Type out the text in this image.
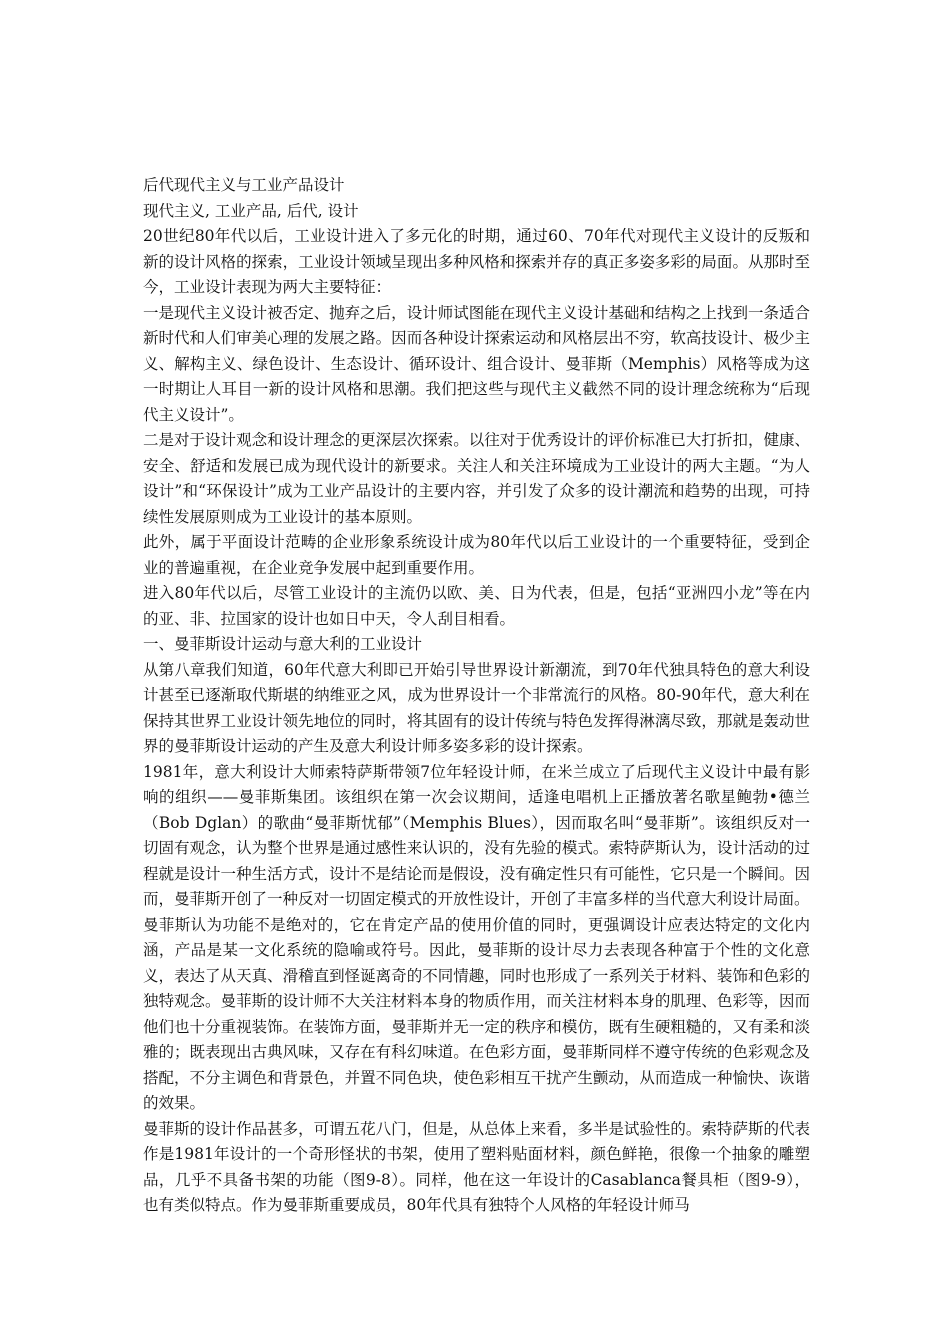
后代现代主义与工业产品设计

现代主义, 工业产品, 后代, 设计

20世纪80年代以后，工业设计进入了多元化的时期，通过60、70年代对现代主义设计的反叛和新的设计风格的探索，工业设计领域呈现出多种风格和探索并存的真正多姿多彩的局面。从那时至今，工业设计表现为两大主要特征：

一是现代主义设计被否定、抛弃之后，设计师试图能在现代主义设计基础和结构之上找到一条适合新时代和人们审美心理的发展之路。因而各种设计探索运动和风格层出不穷，软高技设计、极少主义、解构主义、绿色设计、生态设计、循环设计、组合设计、曼菲斯（Memphis）风格等成为这一时期让人耳目一新的设计风格和思潮。我们把这些与现代主义截然不同的设计理念统称为“后现代主义设计”。

二是对于设计观念和设计理念的更深层次探索。以往对于优秀设计的评价标准已大打折扣，健康、安全、舒适和发展已成为现代设计的新要求。关注人和关注环境成为工业设计的两大主题。“为人设计”和“环保设计”成为工业产品设计的主要内容，并引发了众多的设计潮流和趋势的出现，可持续性发展原则成为工业设计的基本原则。

此外，属于平面设计范畴的企业形象系统设计成为80年代以后工业设计的一个重要特征，受到企业的普遍重视，在企业竞争发展中起到重要作用。

进入80年代以后，尽管工业设计的主流仍以欧、美、日为代表，但是，包括“亚洲四小龙”等在内的亚、非、拉国家的设计也如日中天，令人刮目相看。

一、曼菲斯设计运动与意大利的工业设计

从第八章我们知道，60年代意大利即已开始引导世界设计新潮流，到70年代独具特色的意大利设计甚至已逐渐取代斯堪的纳维亚之风，成为世界设计一个非常流行的风格。80-90年代，意大利在保持其世界工业设计领先地位的同时，将其固有的设计传统与特色发挥得淋漓尽致，那就是轰动世界的曼菲斯设计运动的产生及意大利设计师多姿多彩的设计探索。

1981年，意大利设计大师索特萨斯带领7位年轻设计师，在米兰成立了后现代主义设计中最有影响的组织——曼菲斯集团。该组织在第一次会议期间，适逢电唱机上正播放著名歌星鲍勃•德兰（Bob Dglan）的歌曲“曼菲斯忧郁”（Memphis Blues），因而取名叫“曼菲斯”。该组织反对一切固有观念，认为整个世界是通过感性来认识的，没有先验的模式。索特萨斯认为，设计活动的过程就是设计一种生活方式，设计不是结论而是假设，没有确定性只有可能性，它只是一个瞬间。因而，曼菲斯开创了一种反对一切固定模式的开放性设计，开创了丰富多样的当代意大利设计局面。

曼菲斯认为功能不是绝对的，它在肯定产品的使用价值的同时，更强调设计应表达特定的文化内涵，产品是某一文化系统的隐喻或符号。因此，曼菲斯的设计尽力去表现各种富于个性的文化意义，表达了从天真、滑稽直到怪诞离奇的不同情趣，同时也形成了一系列关于材料、装饰和色彩的独特观念。曼菲斯的设计师不大关注材料本身的物质作用，而关注材料本身的肌理、色彩等，因而他们也十分重视装饰。在装饰方面，曼菲斯并无一定的秩序和模仿，既有生硬粗糙的，又有柔和淡雅的；既表现出古典风味，又存在有科幻味道。在色彩方面，曼菲斯同样不遵守传统的色彩观念及搭配，不分主调色和背景色，并置不同色块，使色彩相互干扰产生颤动，从而造成一种愉快、诙谐的效果。

曼菲斯的设计作品甚多，可谓五花八门，但是，从总体上来看，多半是试验性的。索特萨斯的代表作是1981年设计的一个奇形怪状的书架，使用了塑料贴面材料，颜色鲜艳，很像一个抽象的雕塑品，几乎不具备书架的功能（图9-8）。同样，他在这一年设计的Casablanca餐具柜（图9-9），也有类似特点。作为曼菲斯重要成员，80年代具有独特个人风格的年轻设计师马
